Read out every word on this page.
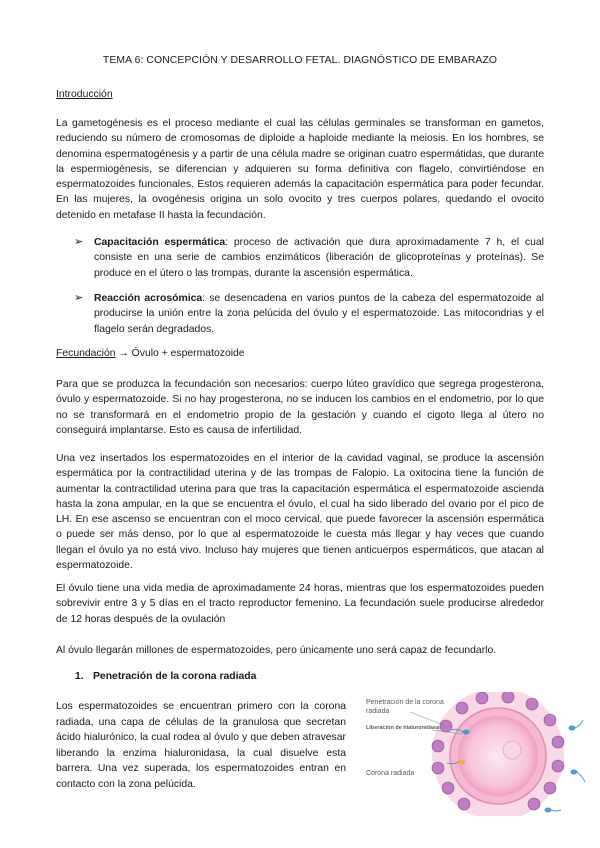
TEMA 6: CONCEPCIÓN Y DESARROLLO FETAL. DIAGNÓSTICO DE EMBARAZO
Introducción

La gametogénesis es el proceso mediante el cual las células germinales se transforman en gametos, reduciendo su número de cromosomas de diploide a haploide mediante la meiosis. En los hombres, se denomina espermatogénesis y a partir de una célula madre se originan cuatro espermátidas, que durante la espermiogénesis, se diferencian y adquieren su forma definitiva con flagelo, convirtiéndose en espermatozoides funcionales. Estos requieren además la capacitación espermática para poder fecundar. En las mujeres, la ovogénesis origina un solo ovocito y tres cuerpos polares, quedando el ovocito detenido en metafase II hasta la fecundación.

➢ Capacitación espermática: proceso de activación que dura aproximadamente 7 h, el cual consiste en una serie de cambios enzimáticos (liberación de glicoproteínas y proteínas). Se produce en el útero o las trompas, durante la ascensión espermática.
➢ Reacción acrosómica: se desencadena en varios puntos de la cabeza del espermatozoide al producirse la unión entre la zona pelúcida del óvulo y el espermatozoide. Las mitocondrias y el flagelo serán degradados.
Fecundación → Óvulo + espermatozoide

Para que se produzca la fecundación son necesarios: cuerpo lúteo gravídico que segrega progesterona, óvulo y espermatozoide. Si no hay progesterona, no se inducen los cambios en el endometrio, por lo que no se transformará en el endometrio propio de la gestación y cuando el cigoto llega al útero no conseguirá implantarse. Esto es causa de infertilidad.

Una vez insertados los espermatozoides en el interior de la cavidad vaginal, se produce la ascensión espermática por la contractilidad uterina y de las trompas de Falopio. La oxitocina tiene la función de aumentar la contractilidad uterina para que tras la capacitación espermática el espermatozoide ascienda hasta la zona ampular, en la que se encuentra el óvulo, el cual ha sido liberado del ovario por el pico de LH. En ese ascenso se encuentran con el moco cervical, que puede favorecer la ascensión espermática o puede ser más denso, por lo que al espermatozoide le cuesta más llegar y hay veces que cuando llegan el óvulo ya no está vivo. Incluso hay mujeres que tienen anticuerpos espermáticos, que atacan al espermatozoide.

El óvulo tiene una vida media de aproximadamente 24 horas, mientras que los espermatozoides pueden sobrevivir entre 3 y 5 días en el tracto reproductor femenino. La fecundación suele producirse alrededor de 12 horas después de la ovulación

Al óvulo llegarán millones de espermatozoides, pero únicamente uno será capaz de fecundarlo.

1. Penetración de la corona radiada

Los espermatozoides se encuentran primero con la corona radiada, una capa de células de la granulosa que secretan ácido hialurónico, la cual rodea al óvulo y que deben atravesar liberando la enzima hialuronidasa, la cual disuelve esta barrera. Una vez superada, los espermatozoides entran en contacto con la zona pelúcida.

Penetración de la corona radiada
Liberación de hialuronidasa
Corona radiada
